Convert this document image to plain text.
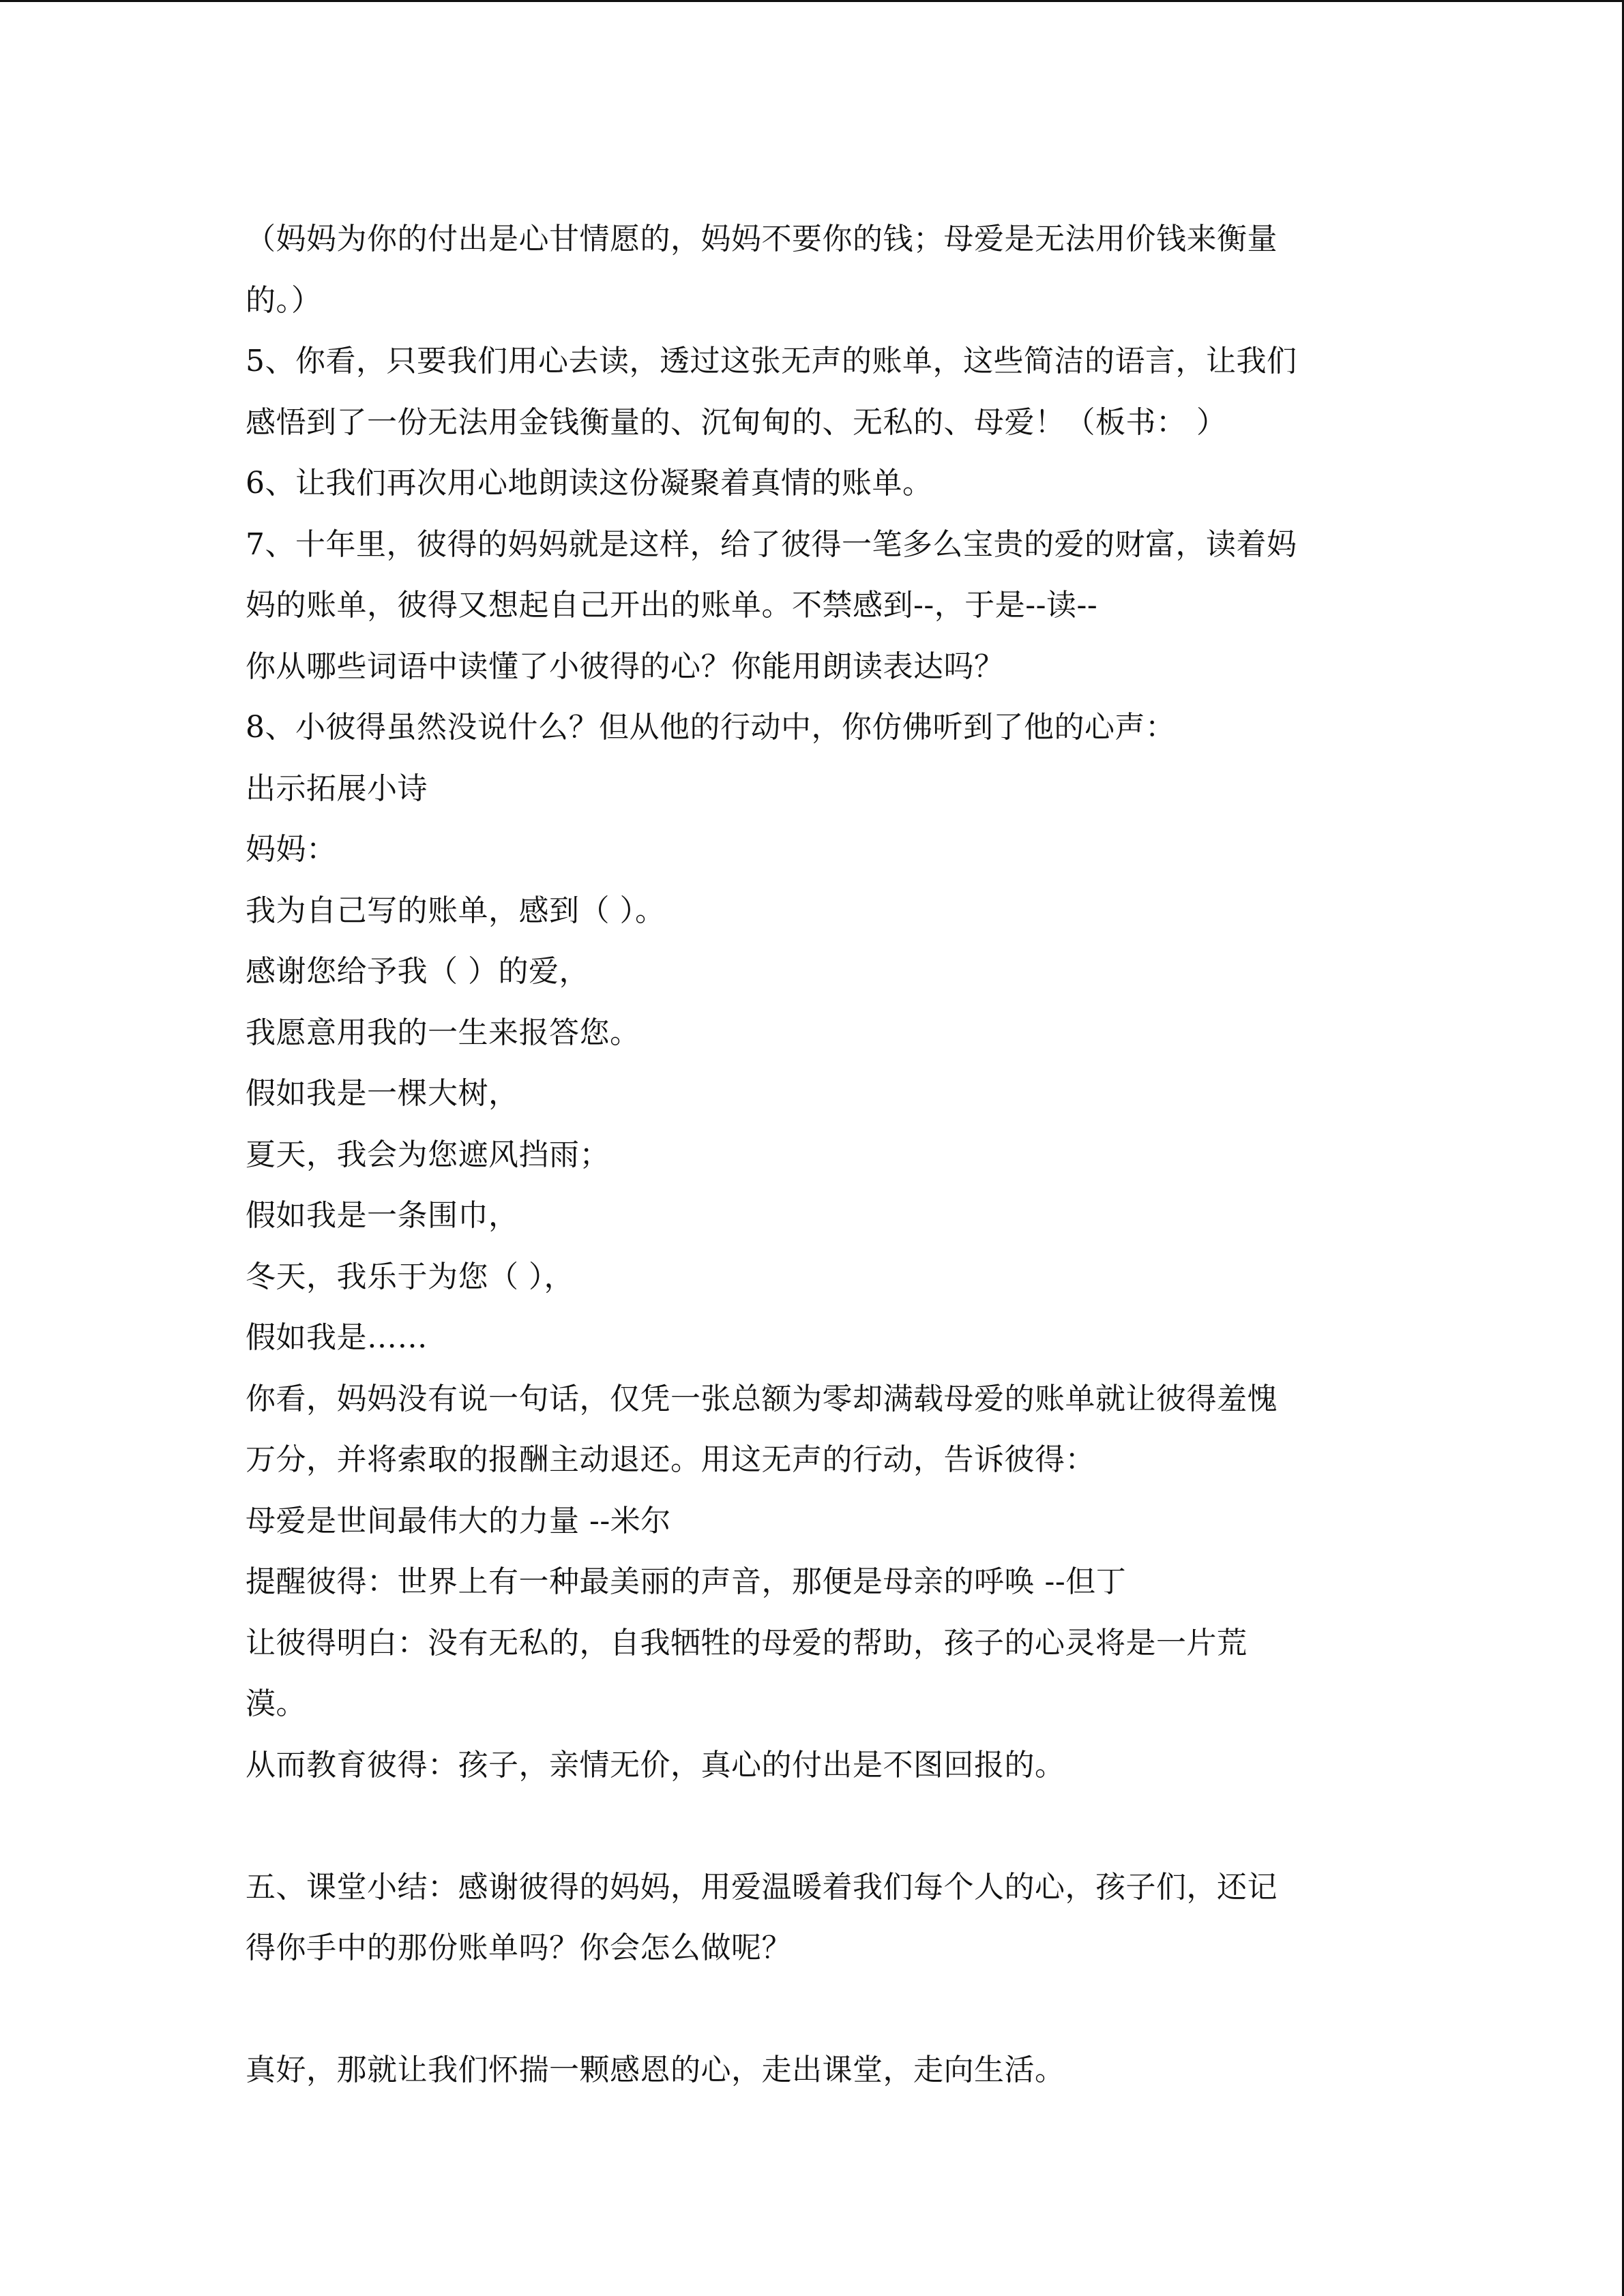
（妈妈为你的付出是心甘情愿的，妈妈不要你的钱；母爱是无法用价钱来衡量
的。）
5、你看，只要我们用心去读，透过这张无声的账单，这些简洁的语言，让我们
感悟到了一份无法用金钱衡量的、沉甸甸的、无私的、母爱！（板书： ）
6、让我们再次用心地朗读这份凝聚着真情的账单。
7、十年里，彼得的妈妈就是这样，给了彼得一笔多么宝贵的爱的财富，读着妈
妈的账单，彼得又想起自己开出的账单。不禁感到--，于是--读--
你从哪些词语中读懂了小彼得的心？你能用朗读表达吗？
8、小彼得虽然没说什么？但从他的行动中，你仿佛听到了他的心声：
出示拓展小诗
妈妈：
我为自己写的账单，感到（ ）。
感谢您给予我（ ）的爱，
我愿意用我的一生来报答您。
假如我是一棵大树，
夏天，我会为您遮风挡雨；
假如我是一条围巾，
冬天，我乐于为您（ ），
假如我是……
你看，妈妈没有说一句话，仅凭一张总额为零却满载母爱的账单就让彼得羞愧
万分，并将索取的报酬主动退还。用这无声的行动，告诉彼得：
母爱是世间最伟大的力量 --米尔
提醒彼得：世界上有一种最美丽的声音，那便是母亲的呼唤 --但丁
让彼得明白：没有无私的，自我牺牲的母爱的帮助，孩子的心灵将是一片荒
漠。
从而教育彼得：孩子，亲情无价，真心的付出是不图回报的。
五、课堂小结：感谢彼得的妈妈，用爱温暖着我们每个人的心，孩子们，还记
得你手中的那份账单吗？你会怎么做呢？
真好，那就让我们怀揣一颗感恩的心，走出课堂，走向生活。
